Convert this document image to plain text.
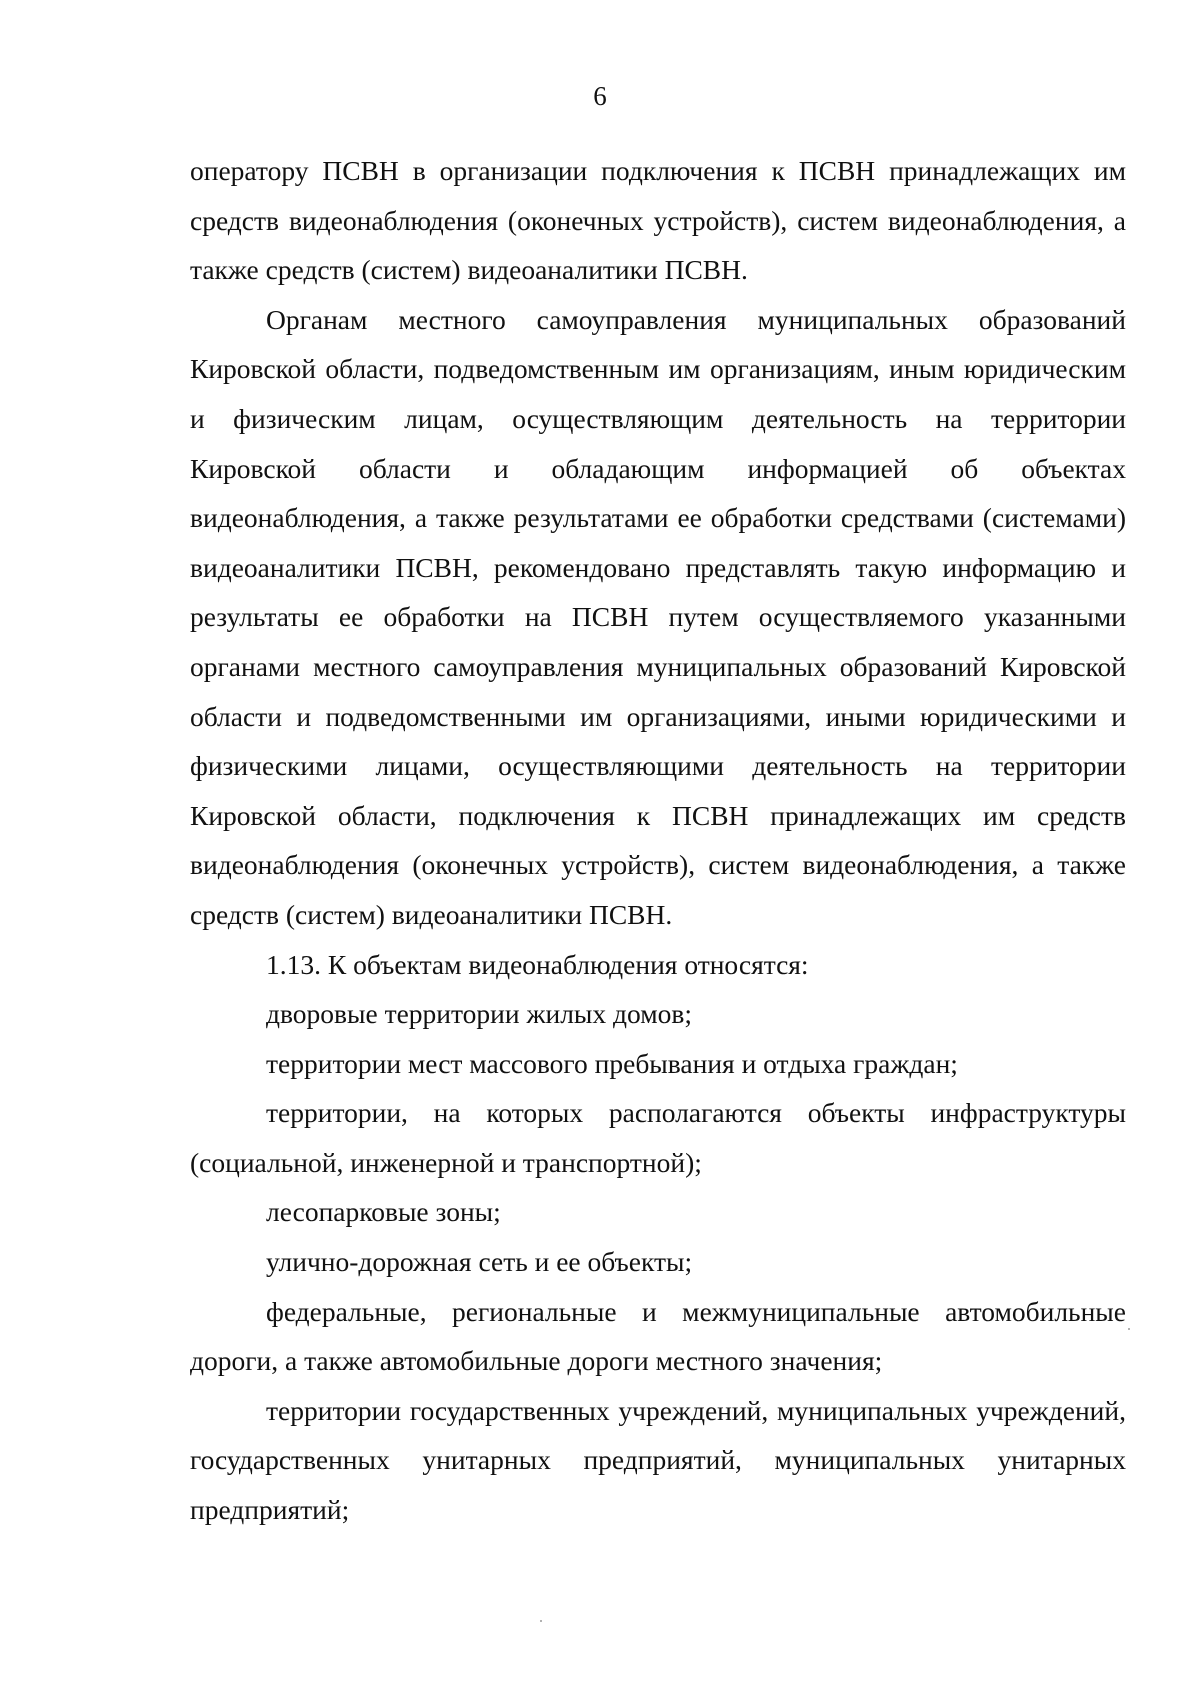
6

оператору ПСВН в организации подключения к ПСВН принадлежащих им средств видеонаблюдения (оконечных устройств), систем видеонаблюдения, а также средств (систем) видеоаналитики ПСВН.

Органам местного самоуправления муниципальных образований Кировской области, подведомственным им организациям, иным юридическим и физическим лицам, осуществляющим деятельность на территории Кировской области и обладающим информацией об объектах видеонаблюдения, а также результатами ее обработки средствами (системами) видеоаналитики ПСВН, рекомендовано представлять такую информацию и результаты ее обработки на ПСВН путем осуществляемого указанными органами местного самоуправления муниципальных образований Кировской области и подведомственными им организациями, иными юридическими и физическими лицами, осуществляющими деятельность на территории Кировской области, подключения к ПСВН принадлежащих им средств видеонаблюдения (оконечных устройств), систем видеонаблюдения, а также средств (систем) видеоаналитики ПСВН.

1.13. К объектам видеонаблюдения относятся:

дворовые территории жилых домов;

территории мест массового пребывания и отдыха граждан;

территории, на которых располагаются объекты инфраструктуры (социальной, инженерной и транспортной);

лесопарковые зоны;

улично-дорожная сеть и ее объекты;

федеральные, региональные и межмуниципальные автомобильные дороги, а также автомобильные дороги местного значения;

территории государственных учреждений, муниципальных учреждений, государственных унитарных предприятий, муниципальных унитарных предприятий;
